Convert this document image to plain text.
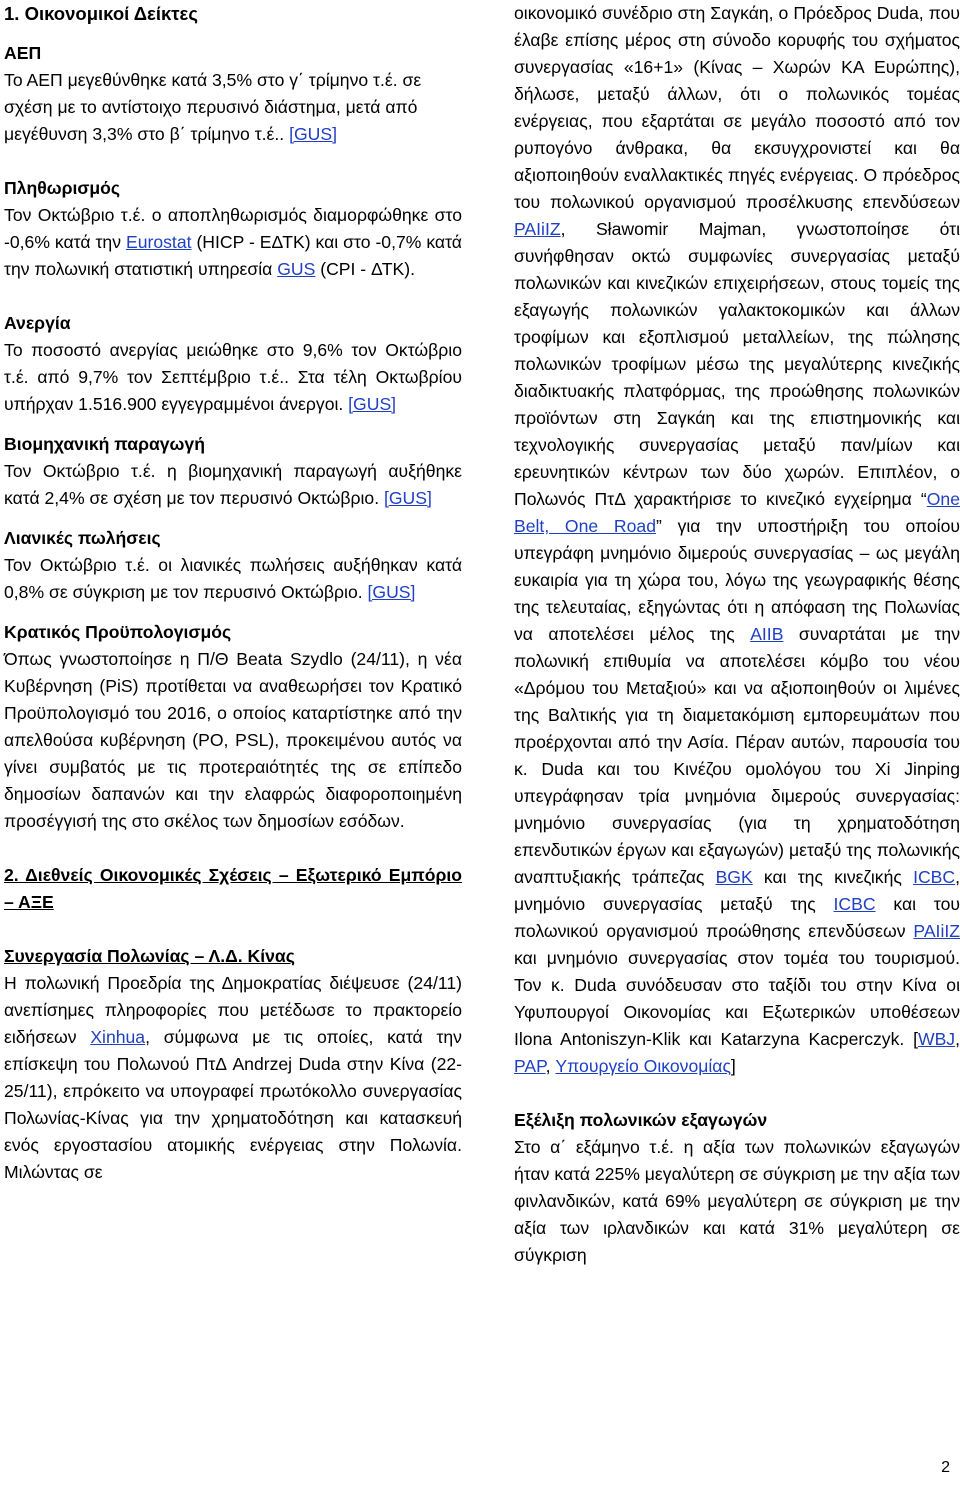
1. Οικονομικοί Δείκτες

ΑΕΠ

Το ΑΕΠ μεγεθύνθηκε κατά 3,5% στο γ΄ τρίμηνο τ.έ. σε σχέση με το αντίστοιχο περυσινό διάστημα, μετά από μεγέθυνση 3,3% στο β΄ τρίμηνο τ.έ.. [GUS]

Πληθωρισμός

Τον Οκτώβριο τ.έ. ο αποπληθωρισμός διαμορφώθηκε στο -0,6% κατά την Eurostat (HICP - ΕΔΤΚ) και στο -0,7% κατά την πολωνική στατιστική υπηρεσία GUS (CPI - ΔΤΚ).

Ανεργία

Το ποσοστό ανεργίας μειώθηκε στο 9,6% τον Οκτώβριο τ.έ. από 9,7% τον Σεπτέμβριο τ.έ.. Στα τέλη Οκτωβρίου υπήρχαν 1.516.900 εγγεγραμμένοι άνεργοι. [GUS]

Βιομηχανική παραγωγή

Τον Οκτώβριο τ.έ. η βιομηχανική παραγωγή αυξήθηκε κατά 2,4% σε σχέση με τον περυσινό Οκτώβριο. [GUS]

Λιανικές πωλήσεις

Τον Οκτώβριο τ.έ. οι λιανικές πωλήσεις αυξήθηκαν κατά 0,8% σε σύγκριση με τον περυσινό Οκτώβριο. [GUS]

Κρατικός Προϋπολογισμός

Όπως γνωστοποίησε η Π/Θ Beata Szydlo (24/11), η νέα Κυβέρνηση (PiS) προτίθεται να αναθεωρήσει τον Κρατικό Προϋπολογισμό του 2016, ο οποίος καταρτίστηκε από την απελθούσα κυβέρνηση (PO, PSL), προκειμένου αυτός να γίνει συμβατός με τις προτεραιότητές της σε επίπεδο δημοσίων δαπανών και την ελαφρώς διαφοροποιημένη προσέγγισή της στο σκέλος των δημοσίων εσόδων.

2. Διεθνείς Οικονομικές Σχέσεις – Εξωτερικό Εμπόριο – ΑΞΕ

Συνεργασία Πολωνίας – Λ.Δ. Κίνας

Η πολωνική Προεδρία της Δημοκρατίας διέψευσε (24/11) ανεπίσημες πληροφορίες που μετέδωσε το πρακτορείο ειδήσεων Xinhua, σύμφωνα με τις οποίες, κατά την επίσκεψη του Πολωνού ΠτΔ Andrzej Duda στην Κίνα (22-25/11), επρόκειτο να υπογραφεί πρωτόκολλο συνεργασίας Πολωνίας-Κίνας για την χρηματοδότηση και κατασκευή ενός εργοστασίου ατομικής ενέργειας στην Πολωνία. Μιλώντας σε

οικονομικό συνέδριο στη Σαγκάη, ο Πρόεδρος Duda, που έλαβε επίσης μέρος στη σύνοδο κορυφής του σχήματος συνεργασίας «16+1» (Κίνας – Χωρών ΚΑ Ευρώπης), δήλωσε, μεταξύ άλλων, ότι ο πολωνικός τομέας ενέργειας, που εξαρτάται σε μεγάλο ποσοστό από τον ρυπογόνο άνθρακα, θα εκσυγχρονιστεί και θα αξιοποιηθούν εναλλακτικές πηγές ενέργειας. Ο πρόεδρος του πολωνικού οργανισμού προσέλκυσης επενδύσεων PAIiIZ, Sławomir Majman, γνωστοποίησε ότι συνήφθησαν οκτώ συμφωνίες συνεργασίας μεταξύ πολωνικών και κινεζικών επιχειρήσεων, στους τομείς της εξαγωγής πολωνικών γαλακτοκομικών και άλλων τροφίμων και εξοπλισμού μεταλλείων, της πώλησης πολωνικών τροφίμων μέσω της μεγαλύτερης κινεζικής διαδικτυακής πλατφόρμας, της προώθησης πολωνικών προϊόντων στη Σαγκάη και της επιστημονικής και τεχνολογικής συνεργασίας μεταξύ παν/μίων και ερευνητικών κέντρων των δύο χωρών. Επιπλέον, ο Πολωνός ΠτΔ χαρακτήρισε το κινεζικό εγχείρημα “One Belt, One Road” για την υποστήριξη του οποίου υπεγράφη μνημόνιο διμερούς συνεργασίας – ως μεγάλη ευκαιρία για τη χώρα του, λόγω της γεωγραφικής θέσης της τελευταίας, εξηγώντας ότι η απόφαση της Πολωνίας να αποτελέσει μέλος της AIIB συναρτάται με την πολωνική επιθυμία να αποτελέσει κόμβο του νέου «Δρόμου του Μεταξιού» και να αξιοποιηθούν οι λιμένες της Βαλτικής για τη διαμετακόμιση εμπορευμάτων που προέρχονται από την Ασία. Πέραν αυτών, παρουσία του κ. Duda και του Κινέζου ομολόγου του Xi Jinping υπεγράφησαν τρία μνημόνια διμερούς συνεργασίας: μνημόνιο συνεργασίας (για τη χρηματοδότηση επενδυτικών έργων και εξαγωγών) μεταξύ της πολωνικής αναπτυξιακής τράπεζας BGK και της κινεζικής ICBC, μνημόνιο συνεργασίας μεταξύ της ICBC και του πολωνικού οργανισμού προώθησης επενδύσεων PAIiIZ και μνημόνιο συνεργασίας στον τομέα του τουρισμού. Τον κ. Duda συνόδευσαν στο ταξίδι του στην Κίνα οι Υφυπουργοί Οικονομίας και Εξωτερικών υποθέσεων Ilona Antoniszyn-Klik και Katarzyna Kacperczyk. [WBJ, PAP, Υπουργείο Οικονομίας]

Εξέλιξη πολωνικών εξαγωγών

Στο α΄ εξάμηνο τ.έ. η αξία των πολωνικών εξαγωγών ήταν κατά 225% μεγαλύτερη σε σύγκριση με την αξία των φινλανδικών, κατά 69% μεγαλύτερη σε σύγκριση με την αξία των ιρλανδικών και κατά 31% μεγαλύτερη σε σύγκριση

2
